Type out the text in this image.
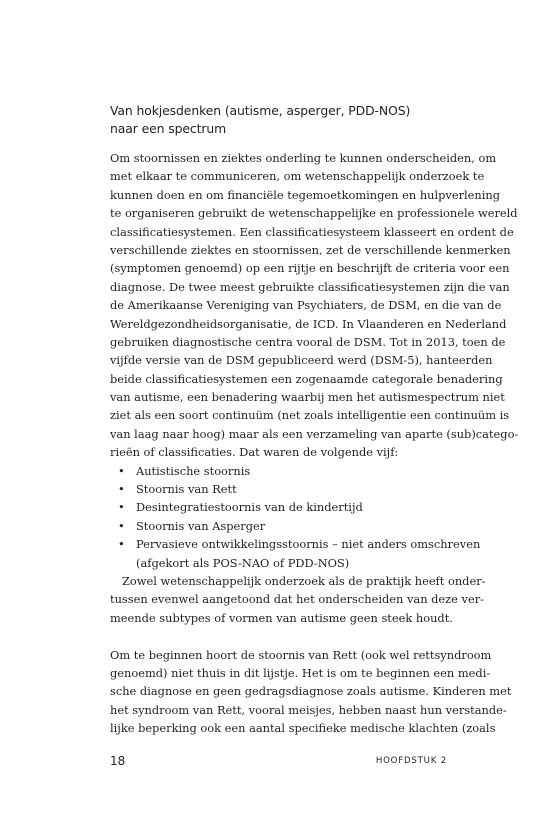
Van hokjesdenken (autisme, asperger, PDD-NOS)
naar een spectrum
Om stoornissen en ziektes onderling te kunnen onderscheiden, om
met elkaar te communiceren, om wetenschappelijk onderzoek te
kunnen doen en om financiële tegemoetkomingen en hulpverlening
te organiseren gebruikt de wetenschappelijke en professionele wereld
classificatiesystemen. Een classificatiesysteem klasseert en ordent de
verschillende ziektes en stoornissen, zet de verschillende kenmerken
(symptomen genoemd) op een rijtje en beschrijft de criteria voor een
diagnose. De twee meest gebruikte classificatiesystemen zijn die van
de Amerikaanse Vereniging van Psychiaters, de DSM, en die van de
Wereldgezondheidsorganisatie, de ICD. In Vlaanderen en Nederland
gebruiken diagnostische centra vooral de DSM. Tot in 2013, toen de
vijfde versie van de DSM gepubliceerd werd (DSM-5), hanteerden
beide classificatiesystemen een zogenaamde categorale benadering
van autisme, een benadering waarbij men het autismespectrum niet
ziet als een soort continuüm (net zoals intelligentie een continuüm is
van laag naar hoog) maar als een verzameling van aparte (sub)catego-
rieën of classificaties. Dat waren de volgende vijf:
• Autistische stoornis
• Stoornis van Rett
• Desintegratiestoornis van de kindertijd
• Stoornis van Asperger
• Pervasieve ontwikkelingsstoornis – niet anders omschreven
(afgekort als POS-NAO of PDD-NOS)
Zowel wetenschappelijk onderzoek als de praktijk heeft onder-
tussen evenwel aangetoond dat het onderscheiden van deze ver-
meende subtypes of vormen van autisme geen steek houdt.
Om te beginnen hoort de stoornis van Rett (ook wel rettsyndroom
genoemd) niet thuis in dit lijstje. Het is om te beginnen een medi-
sche diagnose en geen gedragsdiagnose zoals autisme. Kinderen met
het syndroom van Rett, vooral meisjes, hebben naast hun verstande-
lijke beperking ook een aantal specifieke medische klachten (zoals
18	HOOFDSTUK 2
